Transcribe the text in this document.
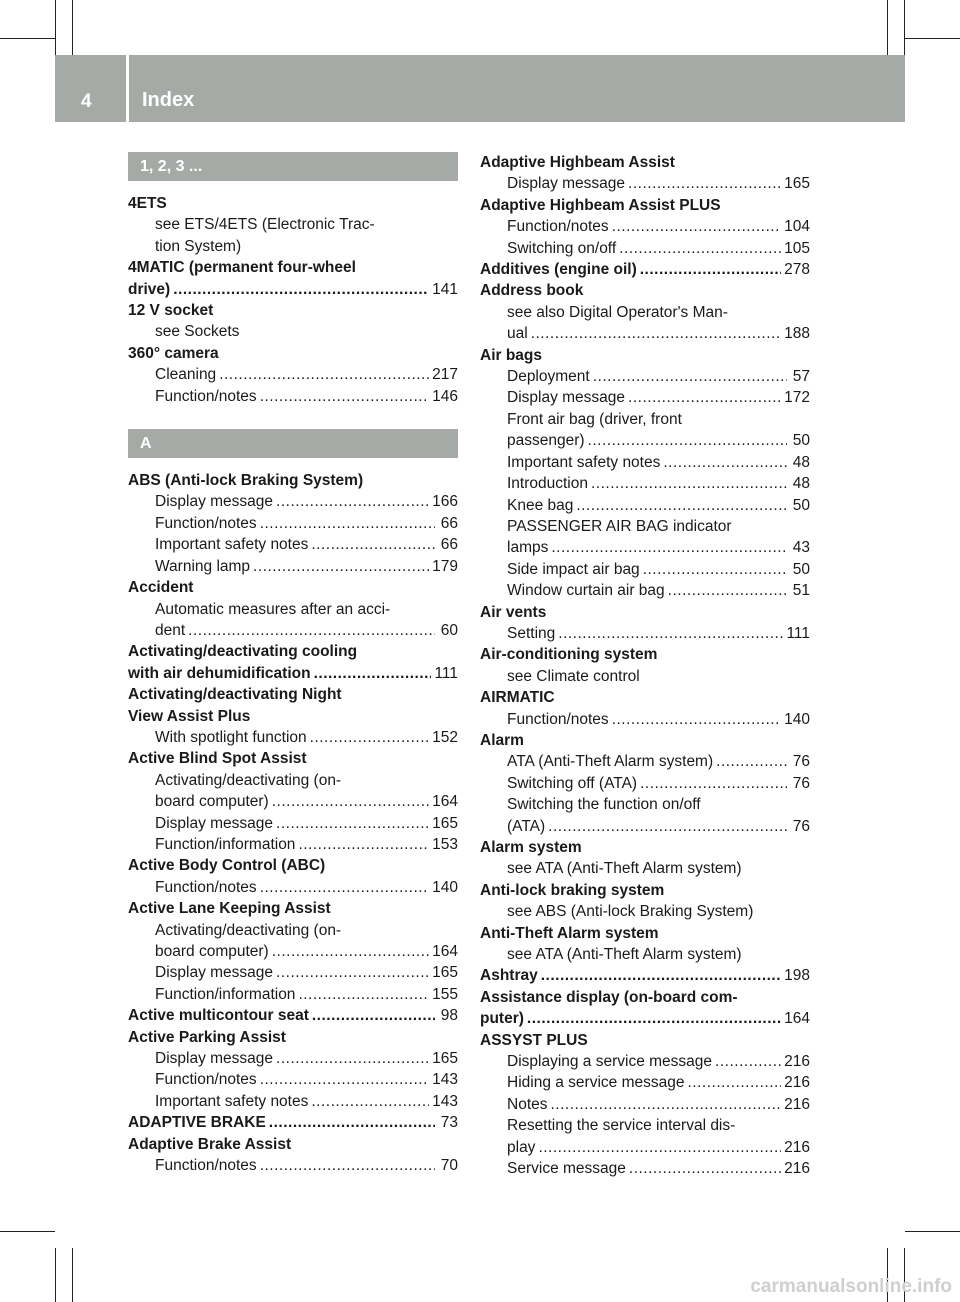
4	Index
1, 2, 3 ...
4ETS
see ETS/4ETS (Electronic Trac-
tion System)
4MATIC (permanent four-wheel
drive) .....	141
12 V socket
see Sockets
360° camera
Cleaning .....	217
Function/notes .....	146
A
ABS (Anti-lock Braking System)
Display message .....	166
Function/notes .....	66
Important safety notes .....	66
Warning lamp .....	179
Accident
Automatic measures after an acci-
dent .....	60
Activating/deactivating cooling
with air dehumidification .....	111
Activating/deactivating Night
View Assist Plus
With spotlight function .....	152
Active Blind Spot Assist
Activating/deactivating (on-
board computer) .....	164
Display message .....	165
Function/information .....	153
Active Body Control (ABC)
Function/notes .....	140
Active Lane Keeping Assist
Activating/deactivating (on-
board computer) .....	164
Display message .....	165
Function/information .....	155
Active multicontour seat .....	98
Active Parking Assist
Display message .....	165
Function/notes .....	143
Important safety notes .....	143
ADAPTIVE BRAKE .....	73
Adaptive Brake Assist
Function/notes .....	70
Adaptive Highbeam Assist
Display message .....	165
Adaptive Highbeam Assist PLUS
Function/notes .....	104
Switching on/off .....	105
Additives (engine oil) .....	278
Address book
see also Digital Operator's Man-
ual .....	188
Air bags
Deployment .....	57
Display message .....	172
Front air bag (driver, front
passenger) .....	50
Important safety notes .....	48
Introduction .....	48
Knee bag .....	50
PASSENGER AIR BAG indicator
lamps .....	43
Side impact air bag .....	50
Window curtain air bag .....	51
Air vents
Setting .....	111
Air-conditioning system
see Climate control
AIRMATIC
Function/notes .....	140
Alarm
ATA (Anti-Theft Alarm system) .....	76
Switching off (ATA) .....	76
Switching the function on/off
(ATA) .....	76
Alarm system
see ATA (Anti-Theft Alarm system)
Anti-lock braking system
see ABS (Anti-lock Braking System)
Anti-Theft Alarm system
see ATA (Anti-Theft Alarm system)
Ashtray .....	198
Assistance display (on-board com-
puter) .....	164
ASSYST PLUS
Displaying a service message .....	216
Hiding a service message .....	216
Notes .....	216
Resetting the service interval dis-
play .....	216
Service message .....	216
carmanualsonline.info
